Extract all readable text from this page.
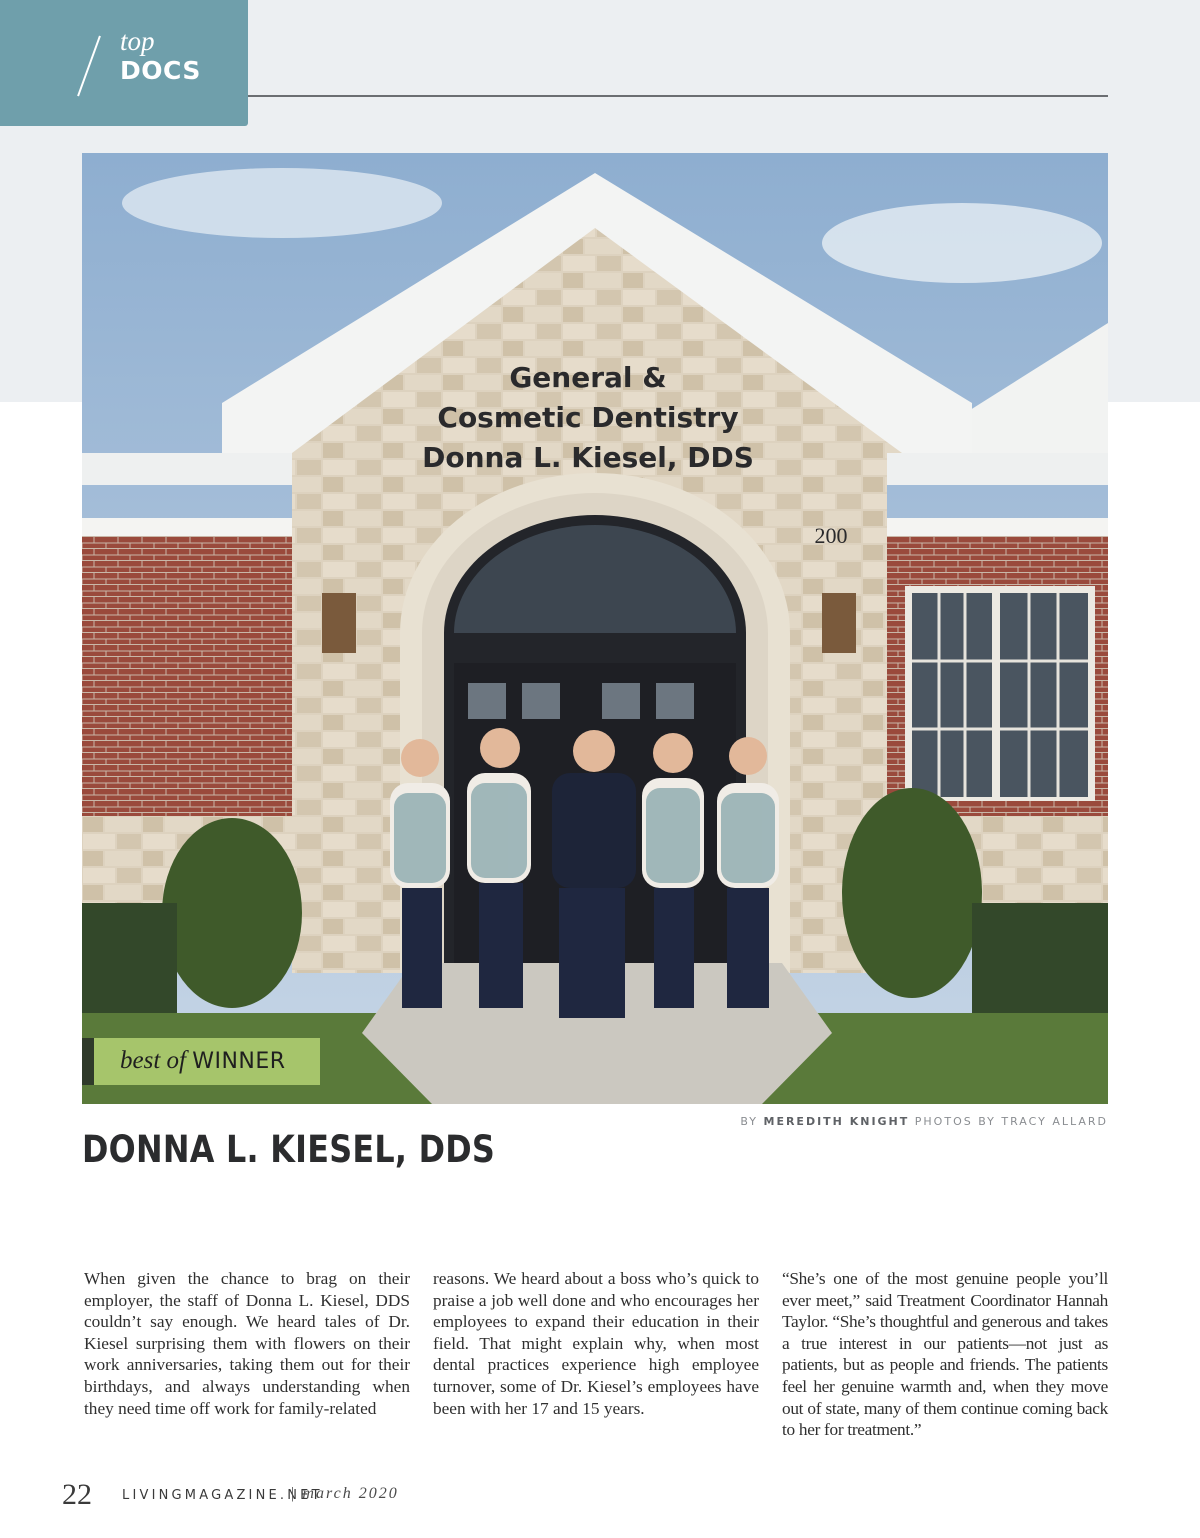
top
DOCS
General &
Cosmetic Dentistry
Donna L. Kiesel, DDS
200
best of WINNER
BY MEREDITH KNIGHT PHOTOS BY TRACY ALLARD
DONNA L. KIESEL, DDS

When given the chance to brag on their employer, the staff of Donna L. Kiesel, DDS couldn’t say enough. We heard tales of Dr. Kiesel surprising them with flowers on their work anniversaries, taking them out for their birthdays, and always understanding when they need time off work for family-related

reasons. We heard about a boss who’s quick to praise a job well done and who encourages her employees to expand their education in their field. That might explain why, when most dental practices experience high employee turnover, some of Dr. Kiesel’s employees have been with her 17 and 15 years.

“She’s one of the most genuine people you’ll ever meet,” said Treatment Coordinator Hannah Taylor. “She’s thoughtful and generous and takes a true interest in our patients—not just as patients, but as people and friends. The patients feel her genuine warmth and, when they move out of state, many of them continue coming back to her for treatment.”

22 LIVINGMAGAZINE.NET
| march 2020
